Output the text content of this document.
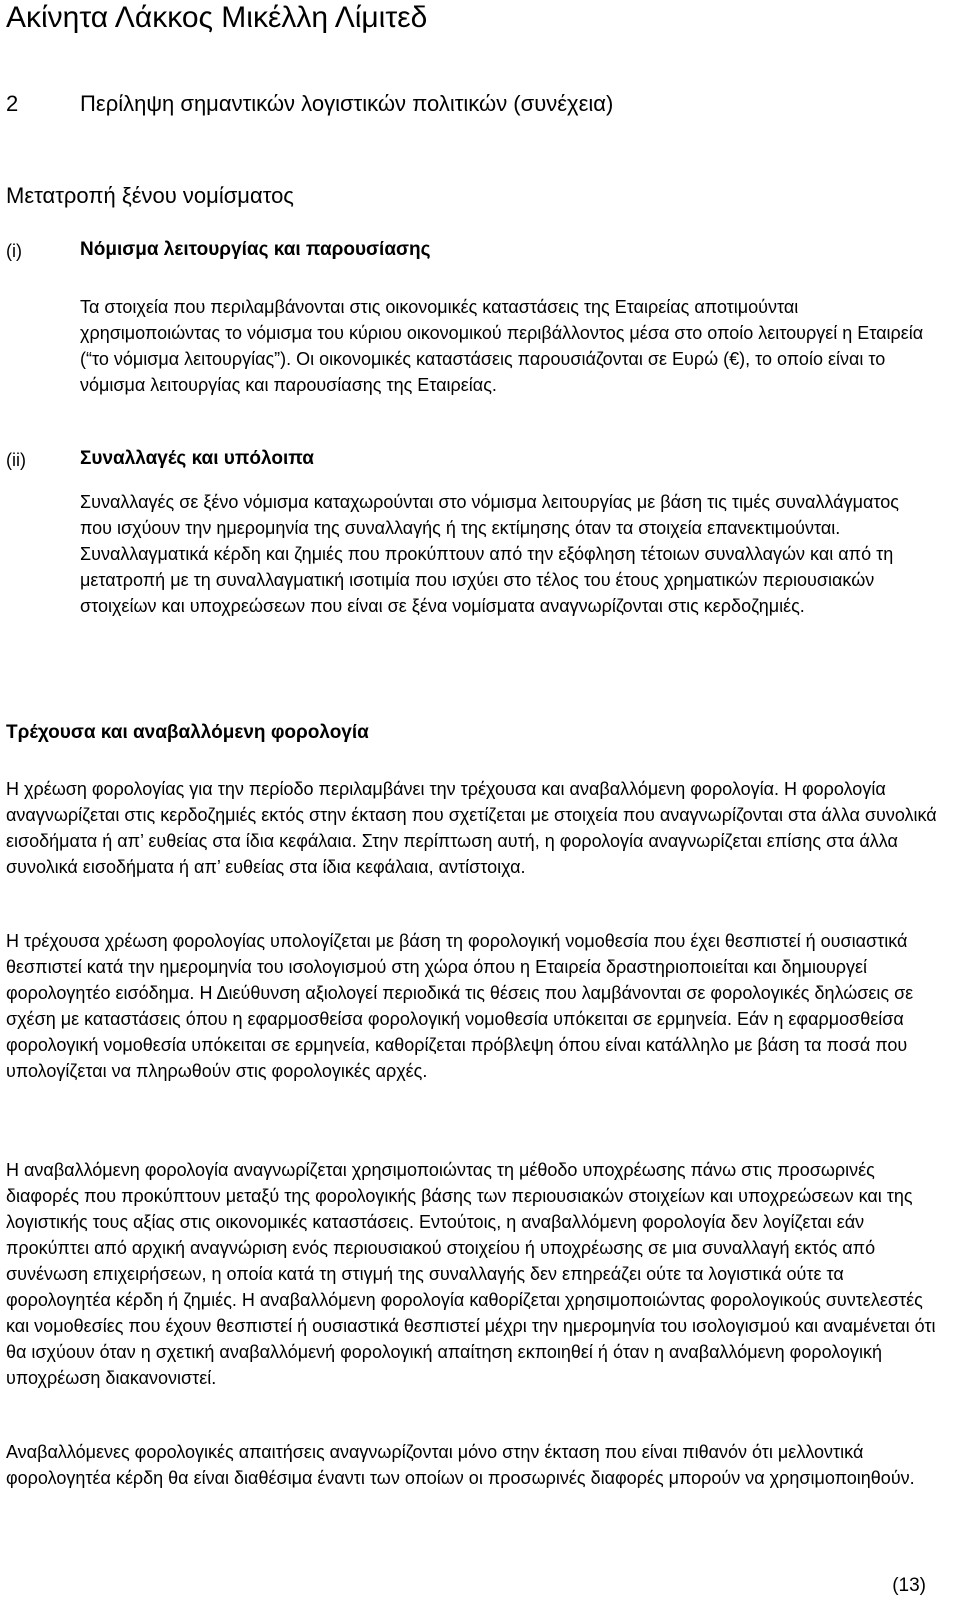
Ακίνητα Λάκκος Μικέλλη Λίμιτεδ
2	Περίληψη σημαντικών λογιστικών πολιτικών (συνέχεια)
Μετατροπή ξένου νομίσματος
(i)	Νόμισμα λειτουργίας και παρουσίασης
Τα στοιχεία που περιλαμβάνονται στις οικονομικές καταστάσεις της Εταιρείας αποτιμούνται χρησιμοποιώντας το νόμισμα του κύριου οικονομικού περιβάλλοντος μέσα στο οποίο λειτουργεί η Εταιρεία (“το νόμισμα λειτουργίας”). Οι οικονομικές καταστάσεις παρουσιάζονται σε Ευρώ (€), το οποίο είναι το νόμισμα λειτουργίας και παρουσίασης της Εταιρείας.
(ii)	Συναλλαγές και υπόλοιπα
Συναλλαγές σε ξένο νόμισμα καταχωρούνται στο νόμισμα λειτουργίας με βάση τις τιμές συναλλάγματος που ισχύουν την ημερομηνία της συναλλαγής ή της εκτίμησης όταν τα στοιχεία επανεκτιμούνται. Συναλλαγματικά κέρδη και ζημιές που προκύπτουν από την εξόφληση τέτοιων συναλλαγών και από τη μετατροπή με τη συναλλαγματική ισοτιμία που ισχύει στο τέλος του έτους χρηματικών περιουσιακών στοιχείων και υποχρεώσεων που είναι σε ξένα νομίσματα αναγνωρίζονται στις κερδοζημιές.
Τρέχουσα και αναβαλλόμενη φορολογία
Η χρέωση φορολογίας για την περίοδο περιλαμβάνει την τρέχουσα και αναβαλλόμενη φορολογία. Η φορολογία αναγνωρίζεται στις κερδοζημιές εκτός στην έκταση που σχετίζεται με στοιχεία που αναγνωρίζονται στα άλλα συνολικά εισοδήματα ή απ’ ευθείας στα ίδια κεφάλαια. Στην περίπτωση αυτή, η φορολογία αναγνωρίζεται επίσης στα άλλα συνολικά εισοδήματα ή απ’ ευθείας στα ίδια κεφάλαια, αντίστοιχα.
Η τρέχουσα χρέωση φορολογίας υπολογίζεται με βάση τη φορολογική νομοθεσία που έχει θεσπιστεί ή ουσιαστικά θεσπιστεί κατά την ημερομηνία του ισολογισμού στη χώρα όπου η Εταιρεία δραστηριοποιείται και δημιουργεί φορολογητέο εισόδημα. Η Διεύθυνση αξιολογεί περιοδικά τις θέσεις που λαμβάνονται σε φορολογικές δηλώσεις σε σχέση με καταστάσεις όπου η εφαρμοσθείσα φορολογική νομοθεσία υπόκειται σε ερμηνεία. Εάν η εφαρμοσθείσα φορολογική νομοθεσία υπόκειται σε ερμηνεία, καθορίζεται πρόβλεψη όπου είναι κατάλληλο με βάση τα ποσά που υπολογίζεται να πληρωθούν στις φορολογικές αρχές.
Η αναβαλλόμενη φορολογία αναγνωρίζεται χρησιμοποιώντας τη μέθοδο υποχρέωσης πάνω στις προσωρινές διαφορές που προκύπτουν μεταξύ της φορολογικής βάσης των περιουσιακών στοιχείων και υποχρεώσεων και της λογιστικής τους αξίας στις οικονομικές καταστάσεις. Εντούτοις, η αναβαλλόμενη φορολογία δεν λογίζεται εάν προκύπτει από αρχική αναγνώριση ενός περιουσιακού στοιχείου ή υποχρέωσης σε μια συναλλαγή εκτός από συνένωση επιχειρήσεων, η οποία κατά τη στιγμή της συναλλαγής δεν επηρεάζει ούτε τα λογιστικά ούτε τα φορολογητέα κέρδη ή ζημιές. Η αναβαλλόμενη φορολογία καθορίζεται χρησιμοποιώντας φορολογικούς συντελεστές και νομοθεσίες που έχουν θεσπιστεί ή ουσιαστικά θεσπιστεί μέχρι την ημερομηνία του ισολογισμού και αναμένεται ότι θα ισχύουν όταν η σχετική αναβαλλόμενή φορολογική απαίτηση εκποιηθεί ή όταν η αναβαλλόμενη φορολογική υποχρέωση διακανονιστεί.
Αναβαλλόμενες φορολογικές απαιτήσεις αναγνωρίζονται μόνο στην έκταση που είναι πιθανόν ότι μελλοντικά φορολογητέα κέρδη θα είναι διαθέσιμα έναντι των οποίων οι προσωρινές διαφορές μπορούν να χρησιμοποιηθούν.
(13)
